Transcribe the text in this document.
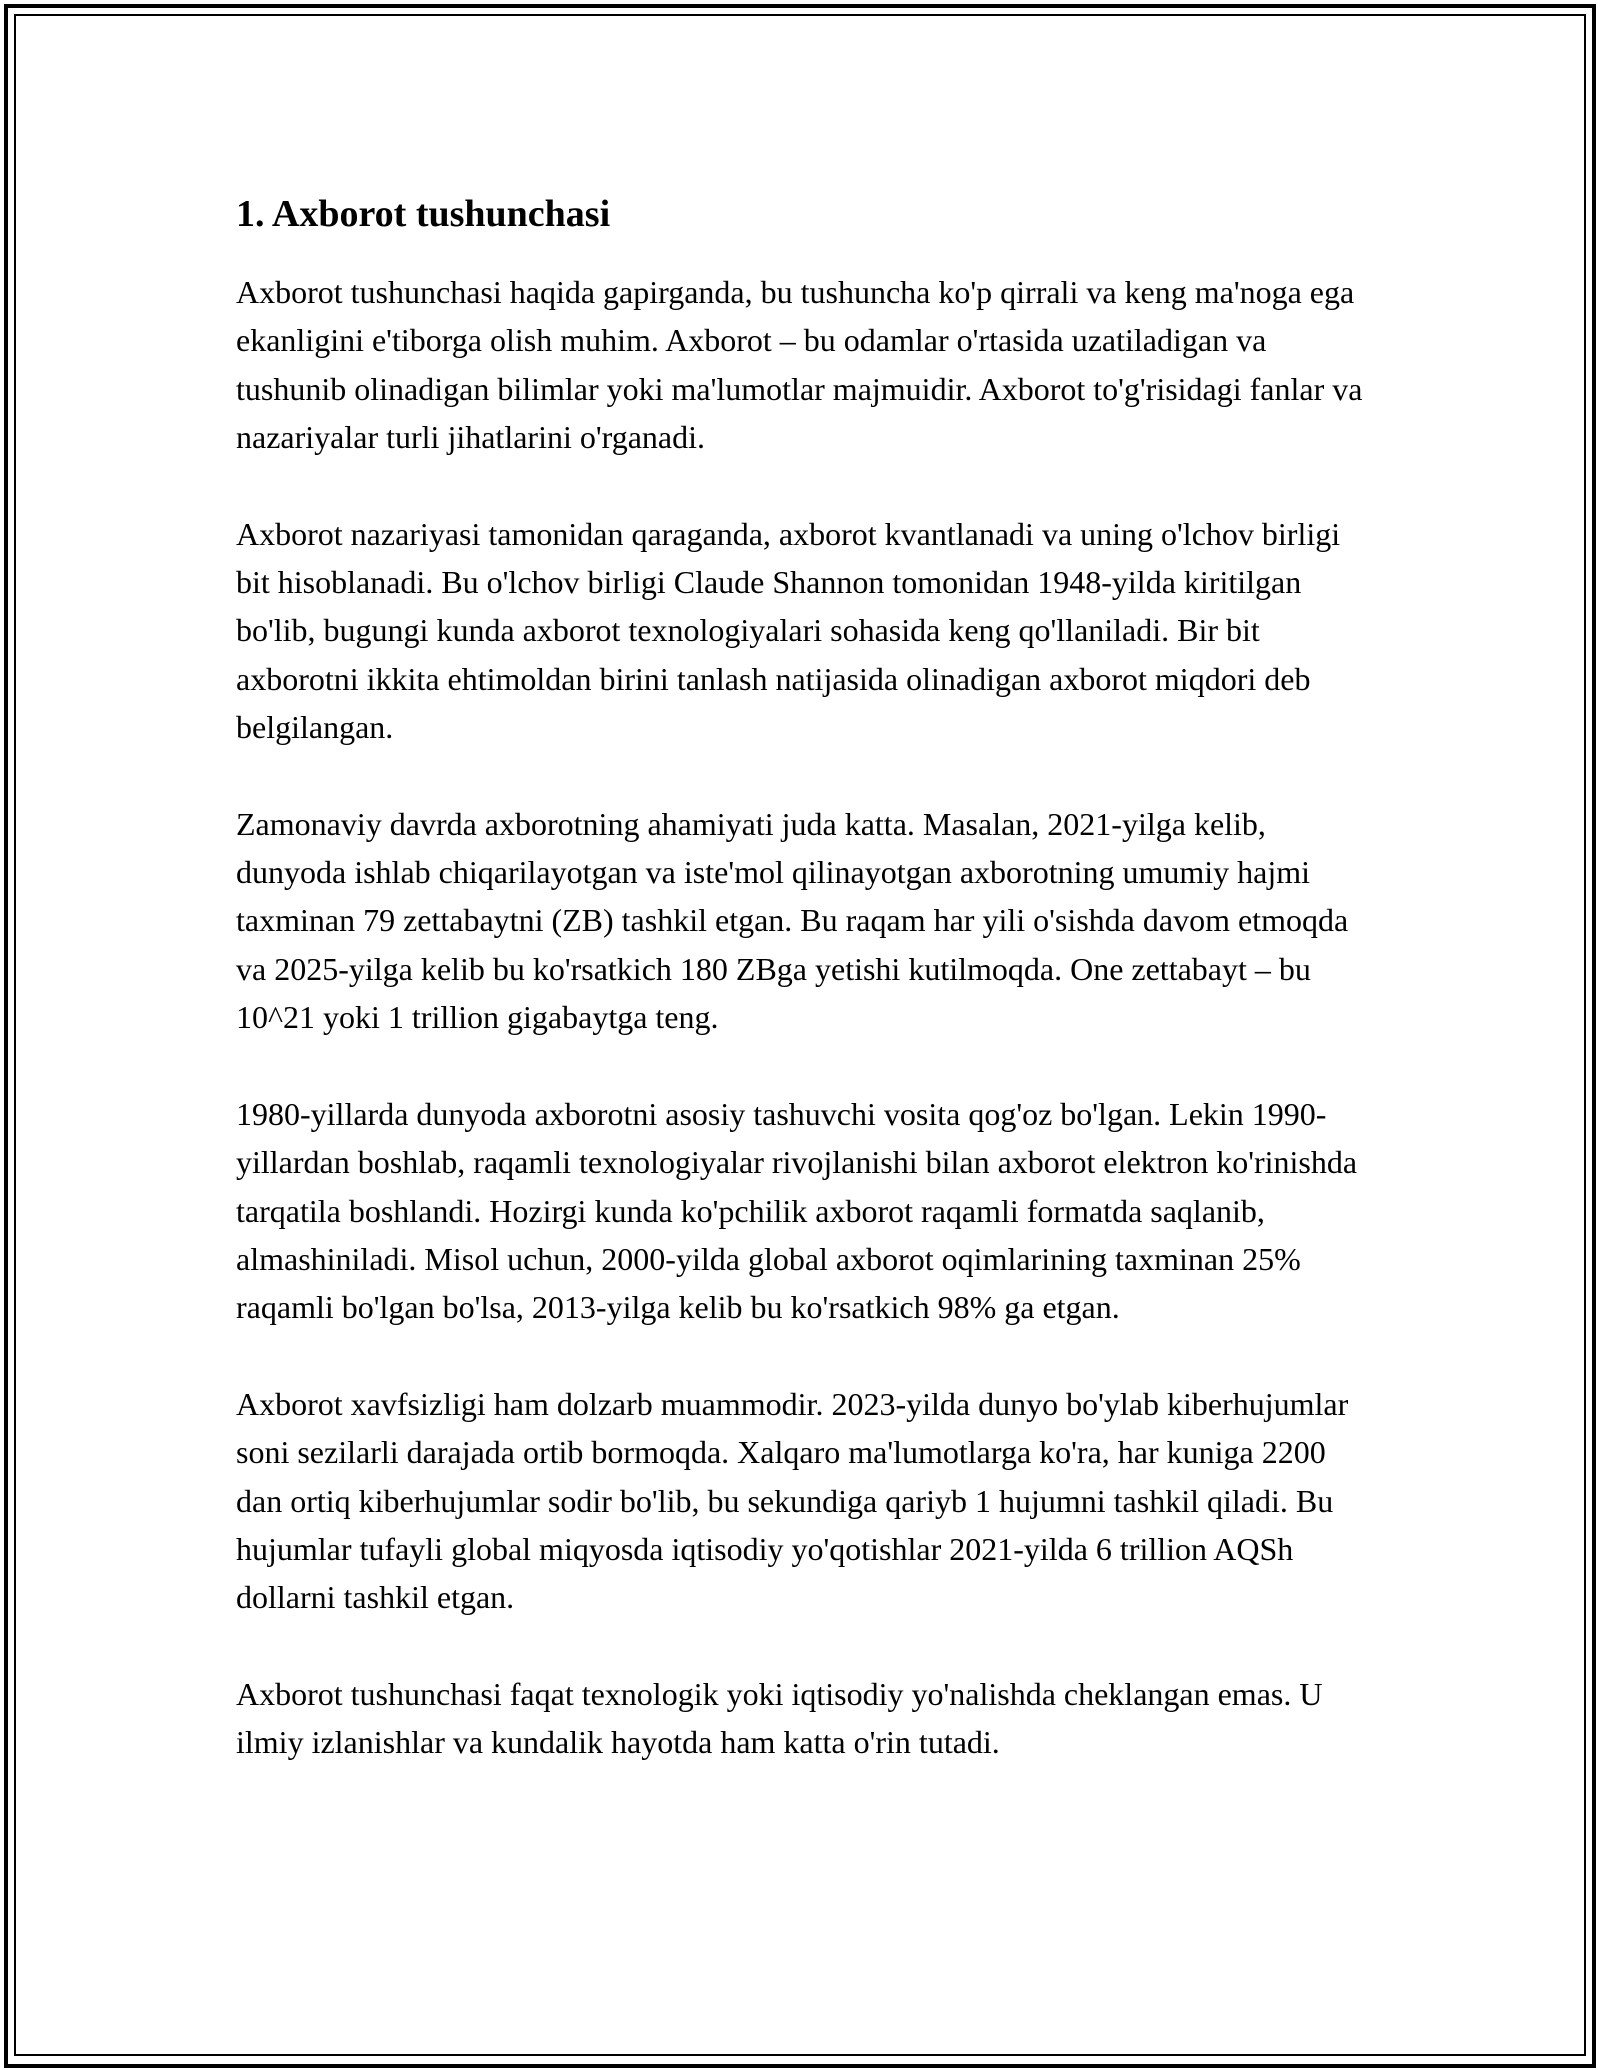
1. Axborot tushunchasi

Axborot tushunchasi haqida gapirganda, bu tushuncha ko'p qirrali va keng ma'noga ega ekanligini e'tiborga olish muhim. Axborot – bu odamlar o'rtasida uzatiladigan va tushunib olinadigan bilimlar yoki ma'lumotlar majmuidir. Axborot to'g'risidagi fanlar va nazariyalar turli jihatlarini o'rganadi.

Axborot nazariyasi tamonidan qaraganda, axborot kvantlanadi va uning o'lchov birligi bit hisoblanadi. Bu o'lchov birligi Claude Shannon tomonidan 1948-yilda kiritilgan bo'lib, bugungi kunda axborot texnologiyalari sohasida keng qo'llaniladi. Bir bit axborotni ikkita ehtimoldan birini tanlash natijasida olinadigan axborot miqdori deb belgilangan.

Zamonaviy davrda axborotning ahamiyati juda katta. Masalan, 2021-yilga kelib, dunyoda ishlab chiqarilayotgan va iste'mol qilinayotgan axborotning umumiy hajmi taxminan 79 zettabaytni (ZB) tashkil etgan. Bu raqam har yili o'sishda davom etmoqda va 2025-yilga kelib bu ko'rsatkich 180 ZBga yetishi kutilmoqda. One zettabayt – bu 10^21 yoki 1 trillion gigabaytga teng.

1980-yillarda dunyoda axborotni asosiy tashuvchi vosita qog'oz bo'lgan. Lekin 1990-yillardan boshlab, raqamli texnologiyalar rivojlanishi bilan axborot elektron ko'rinishda tarqatila boshlandi. Hozirgi kunda ko'pchilik axborot raqamli formatda saqlanib, almashiniladi. Misol uchun, 2000-yilda global axborot oqimlarining taxminan 25% raqamli bo'lgan bo'lsa, 2013-yilga kelib bu ko'rsatkich 98% ga etgan.

Axborot xavfsizligi ham dolzarb muammodir. 2023-yilda dunyo bo'ylab kiberhujumlar soni sezilarli darajada ortib bormoqda. Xalqaro ma'lumotlarga ko'ra, har kuniga 2200 dan ortiq kiberhujumlar sodir bo'lib, bu sekundiga qariyb 1 hujumni tashkil qiladi. Bu hujumlar tufayli global miqyosda iqtisodiy yo'qotishlar 2021-yilda 6 trillion AQSh dollarni tashkil etgan.

Axborot tushunchasi faqat texnologik yoki iqtisodiy yo'nalishda cheklangan emas. U ilmiy izlanishlar va kundalik hayotda ham katta o'rin tutadi.
